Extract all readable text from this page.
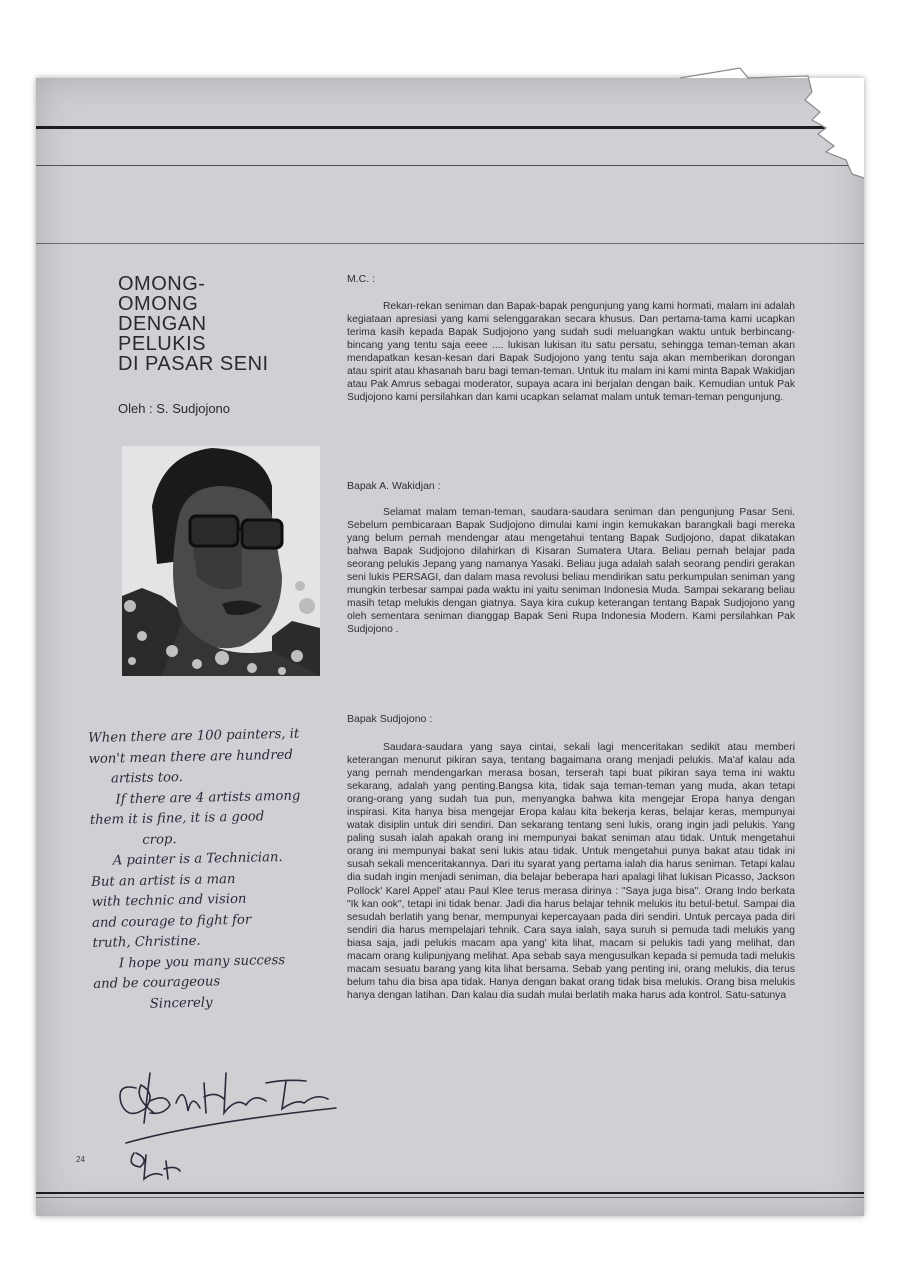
OMONG-
OMONG
DENGAN
PELUKIS
DI PASAR SENI
Oleh : S. Sudjojono
M.C. :
Rekan-rekan seniman dan Bapak-bapak pengunjung yang kami hormati, malam ini adalah kegiataan apresiasi yang kami selenggarakan secara khusus. Dan pertama-tama kami ucapkan terima kasih kepada Bapak Sudjojono yang sudah sudi meluangkan waktu untuk berbincang-bincang yang tentu saja eeee .... lukisan lukisan itu satu persatu, sehingga teman-teman akan mendapatkan kesan-kesan dari Bapak Sudjojono yang tentu saja akan memberikan dorongan atau spirit atau khasanah baru bagi teman-teman. Untuk itu malam ini kami minta Bapak Wakidjan atau Pak Amrus sebagai moderator, supaya acara ini berjalan dengan baik. Kemudian untuk Pak Sudjojono kami persilahkan dan kami ucapkan selamat malam untuk teman-teman pengunjung.
Bapak A. Wakidjan :
Selamat malam teman-teman, saudara-saudara seniman dan pengunjung Pasar Seni. Sebelum pembicaraan Bapak Sudjojono dimulai kami ingin kemukakan barangkali bagi mereka yang belum pernah mendengar atau mengetahui tentang Bapak Sudjojono, dapat dikatakan bahwa Bapak Sudjojono dilahirkan di Kisaran Sumatera Utara. Beliau pernah belajar pada seorang pelukis Jepang yang namanya Yasaki. Beliau juga adalah salah seorang pendiri gerakan seni lukis PERSAGI, dan dalam masa revolusi beliau mendirikan satu perkumpulan seniman yang mungkin terbesar sampai pada waktu ini yaitu seniman Indonesia Muda. Sampai sekarang beliau masih tetap melukis dengan giatnya. Saya kira cukup keterangan tentang Bapak Sudjojono yang oleh sementara seniman dianggap Bapak Seni Rupa Indonesia Modern. Kami persilahkan Pak Sudjojono .
Bapak Sudjojono :
Saudara-saudara yang saya cintai, sekali lagi menceritakan sedikit atau memberi keterangan menurut pikiran saya, tentang bagaimana orang menjadi pelukis. Ma'af kalau ada yang pernah mendengarkan merasa bosan, terserah tapi buat pikiran saya tema ini waktu sekarang, adalah yang penting.Bangsa kita, tidak saja teman-teman yang muda, akan tetapi orang-orang yang sudah tua pun, menyangka bahwa kita mengejar Eropa hanya dengan inspirasi. Kita hanya bisa mengejar Eropa kalau kita bekerja keras, belajar keras, mempunyai watak disiplin untuk diri sendiri. Dan sekarang tentang seni lukis, orang ingin jadi pelukis. Yang paling susah ialah apakah orang ini mempunyai bakat seniman atau tidak. Untuk mengetahui orang ini mempunyai bakat seni lukis atau tidak. Untuk mengetahui punya bakat atau tidak ini susah sekali menceritakannya. Dari itu syarat yang pertama ialah dia harus seniman. Tetapi kalau dia sudah ingin menjadi seniman, dia belajar beberapa hari apalagi lihat lukisan Picasso, Jackson Pollock' Karel Appel' atau Paul Klee terus merasa dirinya : "Saya juga bisa". Orang Indo berkata "Ik kan ook", tetapi ini tidak benar. Jadi dia harus belajar tehnik melukis itu betul-betul. Sampai dia sesudah berlatih yang benar, mempunyai kepercayaan pada diri sendiri. Untuk percaya pada diri sendiri dia harus mempelajari tehnik. Cara saya ialah, saya suruh si pemuda tadi melukis yang biasa saja, jadi pelukis macam apa yang' kita lihat, macam si pelukis tadi yang melihat, dan macam orang kulipunjyang melihat. Apa sebab saya mengusulkan kepada si pemuda tadi melukis macam sesuatu barang yang kita lihat bersama. Sebab yang penting ini, orang melukis, dia terus belum tahu dia bisa apa tidak. Hanya dengan bakat orang tidak bisa melukis. Orang bisa melukis hanya dengan latihan. Dan kalau dia sudah mulai berlatih maka harus ada kontrol. Satu-satunya
When there are 100 painters, it
won't mean there are hundred
artists too.
If there are 4 artists among
them it is fine, it is a good
crop.
A painter is a Technician.
But an artist is a man
with technic and vision
and courage to fight for
truth, Christine.
I hope you many success
and be courageous
Sincerely
24
